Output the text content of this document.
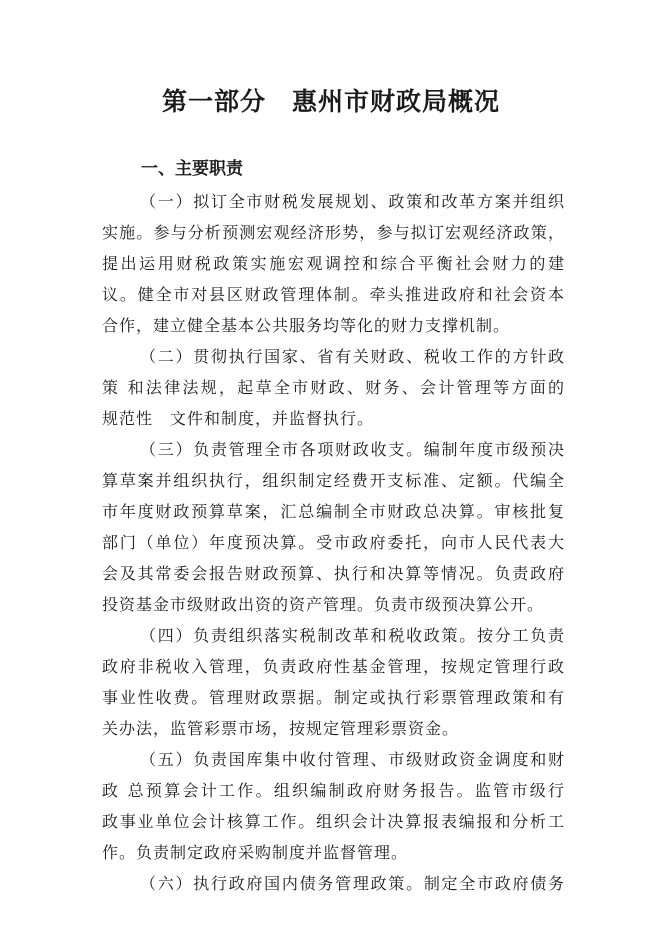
第一部分 惠州市财政局概况
一、主要职责
（一）拟订全市财税发展规划、政策和改革方案并组织
实施。参与分析预测宏观经济形势，参与拟订宏观经济政策，
提出运用财税政策实施宏观调控和综合平衡社会财力的建
议。健全市对县区财政管理体制。牵头推进政府和社会资本
合作，建立健全基本公共服务均等化的财力支撑机制。
（二）贯彻执行国家、省有关财政、税收工作的方针政
策 和法律法规，起草全市财政、财务、会计管理等方面的
规范性　文件和制度，并监督执行。
（三）负责管理全市各项财政收支。编制年度市级预决
算草案并组织执行，组织制定经费开支标准、定额。代编全
市年度财政预算草案，汇总编制全市财政总决算。审核批复
部门（单位）年度预决算。受市政府委托，向市人民代表大
会及其常委会报告财政预算、执行和决算等情况。负责政府
投资基金市级财政出资的资产管理。负责市级预决算公开。
（四）负责组织落实税制改革和税收政策。按分工负责
政府非税收入管理，负责政府性基金管理，按规定管理行政
事业性收费。管理财政票据。制定或执行彩票管理政策和有
关办法，监管彩票市场，按规定管理彩票资金。
（五）负责国库集中收付管理、市级财政资金调度和财
政 总预算会计工作。组织编制政府财务报告。监管市级行
政事业单位会计核算工作。组织会计决算报表编报和分析工
作。负责制定政府采购制度并监督管理。
（六）执行政府国内债务管理政策。制定全市政府债务
